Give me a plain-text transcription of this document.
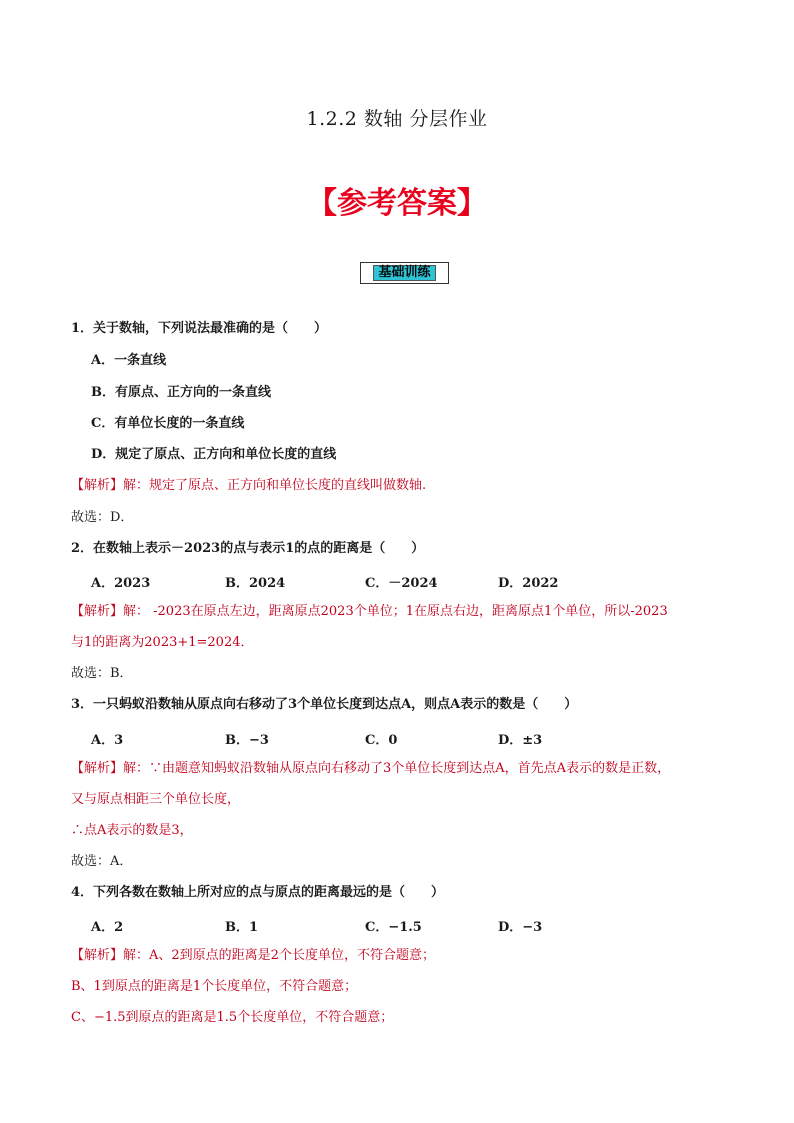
1.2.2 数轴 分层作业
【参考答案】
基础训练
1．关于数轴，下列说法最准确的是（　　）
A．一条直线
B．有原点、正方向的一条直线
C．有单位长度的一条直线
D．规定了原点、正方向和单位长度的直线
【解析】解：规定了原点、正方向和单位长度的直线叫做数轴.
故选：D．
2．在数轴上表示－2023的点与表示1的点的距离是（　　）
A．2023	B．2024	C．－2024	D．2022
【解析】解： -2023在原点左边，距离原点2023个单位；1在原点右边，距离原点1个单位，所以-2023
与1的距离为2023+1=2024．
故选：B．
3．一只蚂蚁沿数轴从原点向右移动了3个单位长度到达点A，则点A表示的数是（　　）
A．3	B．−3	C．0	D．±3
【解析】解：∵由题意知蚂蚁沿数轴从原点向右移动了3个单位长度到达点A，首先点A表示的数是正数，
又与原点相距三个单位长度，
∴点A表示的数是3，
故选：A．
4．下列各数在数轴上所对应的点与原点的距离最远的是（　　）
A．2	B．1	C．−1.5	D．−3
【解析】解：A、2到原点的距离是2个长度单位，不符合题意；
B、1到原点的距离是1个长度单位，不符合题意；
C、−1.5到原点的距离是1.5个长度单位，不符合题意；
